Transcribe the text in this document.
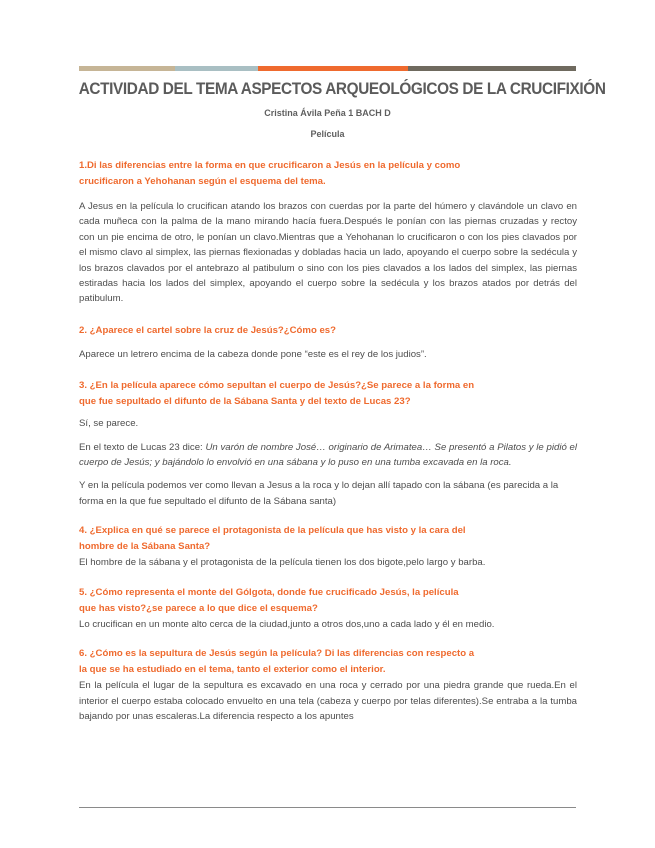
ACTIVIDAD DEL TEMA ASPECTOS ARQUEOLÓGICOS DE LA CRUCIFIXIÓN
Cristina Ávila Peña 1 BACH D
Película

1.Di las diferencias entre la forma en que crucificaron a Jesús en la película y como

crucificaron a Yehohanan según el esquema del tema.

A Jesus en la película lo crucifican atando los brazos con cuerdas por la parte del húmero y clavándole un clavo en cada muñeca con la palma de la mano mirando hacía fuera.Después le ponían con las piernas cruzadas y rectoy con un pie encima de otro, le ponían un clavo.Mientras que a Yehohanan lo crucificaron o con los pies clavados por el mismo clavo al simplex, las piernas flexionadas y dobladas hacia un lado, apoyando el cuerpo sobre la sedécula y los brazos clavados por el antebrazo al patibulum o sino con los pies clavados a los lados del simplex, las piernas estiradas hacia los lados del simplex, apoyando el cuerpo sobre la sedécula y los brazos atados por detrás del patibulum.

2. ¿Aparece el cartel sobre la cruz de Jesús?¿Cómo es?

Aparece un letrero encima de la cabeza donde pone “este es el rey de los judios”.

3. ¿En la película aparece cómo sepultan el cuerpo de Jesús?¿Se parece a la forma en

que fue sepultado el difunto de la Sábana Santa y del texto de Lucas 23?

Sí, se parece.

En el texto de Lucas 23 dice: Un varón de nombre José… originario de Arimatea… Se presentó a Pilatos y le pidió el cuerpo de Jesús; y bajándolo lo envolvió en una sábana y lo puso en una tumba excavada en la roca.

Y en la película podemos ver como llevan a Jesus a la roca y lo dejan allí tapado con la sábana (es parecida a la forma en la que fue sepultado el difunto de la Sábana santa)

4. ¿Explica en qué se parece el protagonista de la película que has visto y la cara del

hombre de la Sábana Santa?

El hombre de la sábana y el protagonista de la película tienen los dos bigote,pelo largo y barba.

5. ¿Cómo representa el monte del Gólgota, donde fue crucificado Jesús, la película

que has visto?¿se parece a lo que dice el esquema?

Lo crucifican en un monte alto cerca de la ciudad,junto a otros dos,uno a cada lado y él en medio.

6. ¿Cómo es la sepultura de Jesús según la película? Di las diferencias con respecto a

la que se ha estudiado en el tema, tanto el exterior como el interior.

En la película el lugar de la sepultura es excavado en una roca y cerrado por una piedra grande que rueda.En el interior el cuerpo estaba colocado envuelto en una tela (cabeza y cuerpo por telas diferentes).Se entraba a la tumba bajando por unas escaleras.La diferencia respecto a los apuntes
